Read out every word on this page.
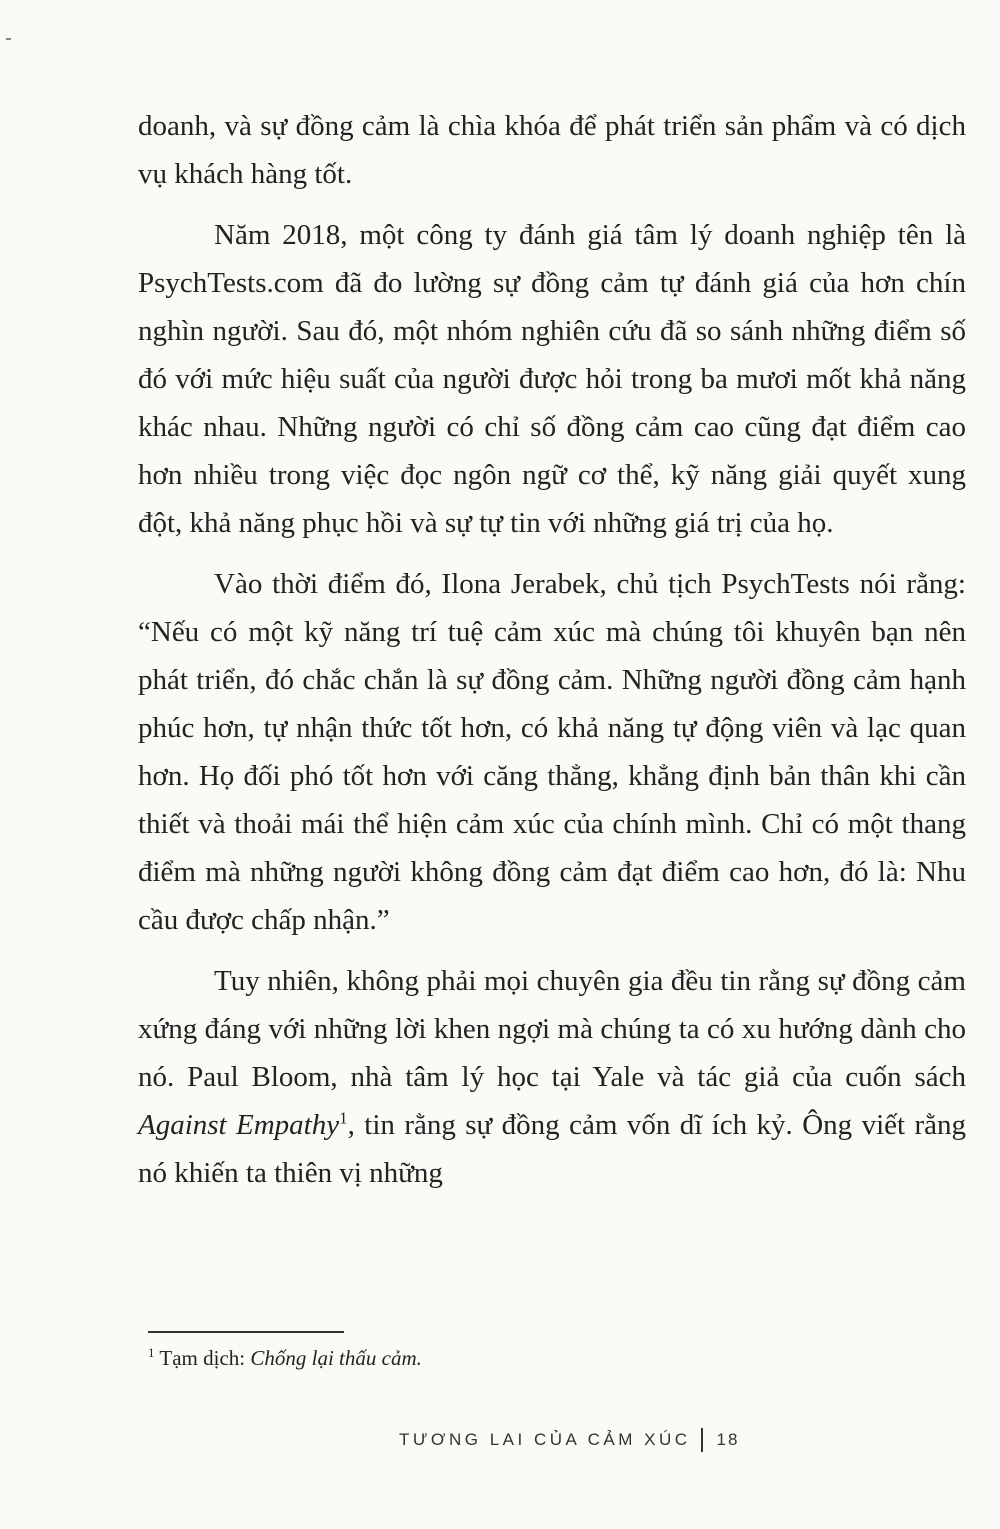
doanh, và sự đồng cảm là chìa khóa để phát triển sản phẩm và có dịch vụ khách hàng tốt.

Năm 2018, một công ty đánh giá tâm lý doanh nghiệp tên là PsychTests.com đã đo lường sự đồng cảm tự đánh giá của hơn chín nghìn người. Sau đó, một nhóm nghiên cứu đã so sánh những điểm số đó với mức hiệu suất của người được hỏi trong ba mươi mốt khả năng khác nhau. Những người có chỉ số đồng cảm cao cũng đạt điểm cao hơn nhiều trong việc đọc ngôn ngữ cơ thể, kỹ năng giải quyết xung đột, khả năng phục hồi và sự tự tin với những giá trị của họ.

Vào thời điểm đó, Ilona Jerabek, chủ tịch PsychTests nói rằng: “Nếu có một kỹ năng trí tuệ cảm xúc mà chúng tôi khuyên bạn nên phát triển, đó chắc chắn là sự đồng cảm. Những người đồng cảm hạnh phúc hơn, tự nhận thức tốt hơn, có khả năng tự động viên và lạc quan hơn. Họ đối phó tốt hơn với căng thẳng, khẳng định bản thân khi cần thiết và thoải mái thể hiện cảm xúc của chính mình. Chỉ có một thang điểm mà những người không đồng cảm đạt điểm cao hơn, đó là: Nhu cầu được chấp nhận.”

Tuy nhiên, không phải mọi chuyên gia đều tin rằng sự đồng cảm xứng đáng với những lời khen ngợi mà chúng ta có xu hướng dành cho nó. Paul Bloom, nhà tâm lý học tại Yale và tác giả của cuốn sách Against Empathy$^1$, tin rằng sự đồng cảm vốn dĩ ích kỷ. Ông viết rằng nó khiến ta thiên vị những

$^1$ Tạm dịch: Chống lại thấu cảm.

TƯƠNG LAI CỦA CẢM XÚC 18
